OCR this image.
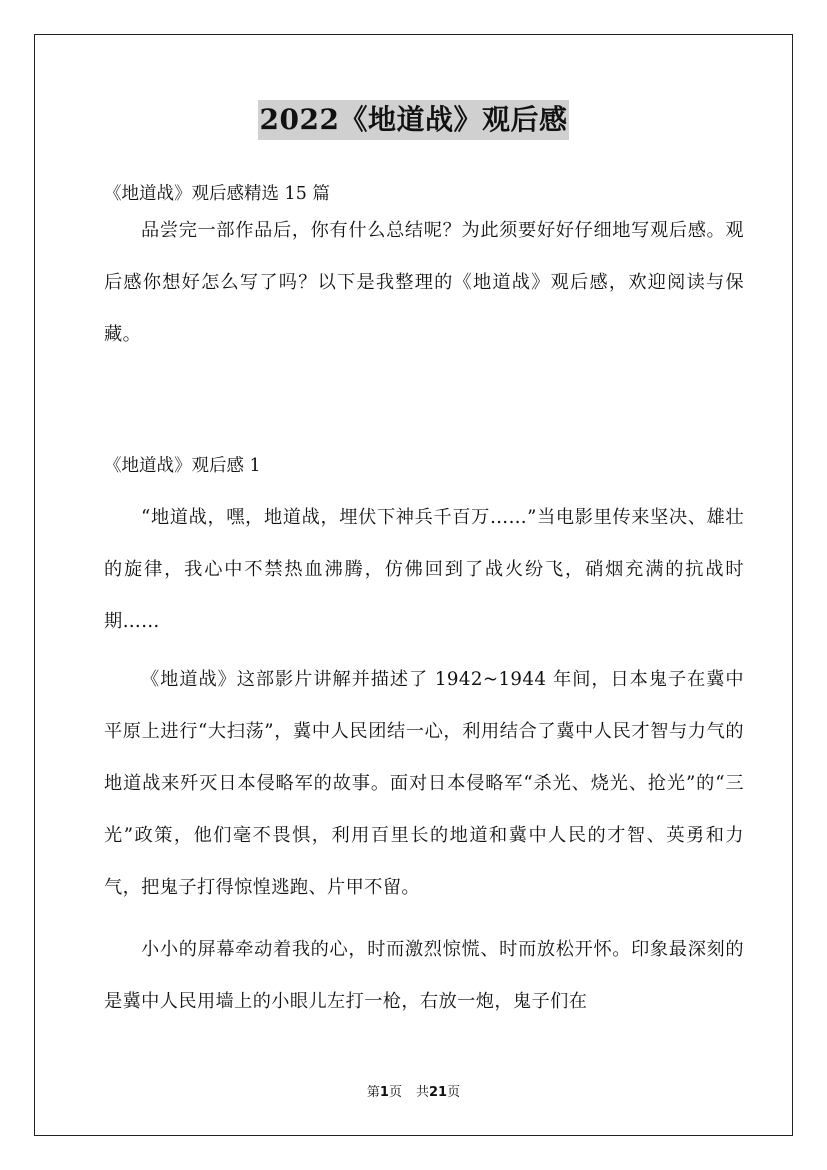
2022《地道战》观后感
《地道战》观后感精选 15 篇

品尝完一部作品后，你有什么总结呢？为此须要好好仔细地写观后感。观后感你想好怎么写了吗？以下是我整理的《地道战》观后感，欢迎阅读与保藏。

《地道战》观后感 1

“地道战，嘿，地道战，埋伏下神兵千百万……”当电影里传来坚决、雄壮的旋律，我心中不禁热血沸腾，仿佛回到了战火纷飞，硝烟充满的抗战时期……

《地道战》这部影片讲解并描述了 1942~1944 年间，日本鬼子在冀中平原上进行“大扫荡”，冀中人民团结一心，利用结合了冀中人民才智与力气的地道战来歼灭日本侵略军的故事。面对日本侵略军“杀光、烧光、抢光”的“三光”政策，他们毫不畏惧，利用百里长的地道和冀中人民的才智、英勇和力气，把鬼子打得惊惶逃跑、片甲不留。

小小的屏幕牵动着我的心，时而激烈惊慌、时而放松开怀。印象最深刻的是冀中人民用墙上的小眼儿左打一枪，右放一炮，鬼子们在

第1页 共21页
